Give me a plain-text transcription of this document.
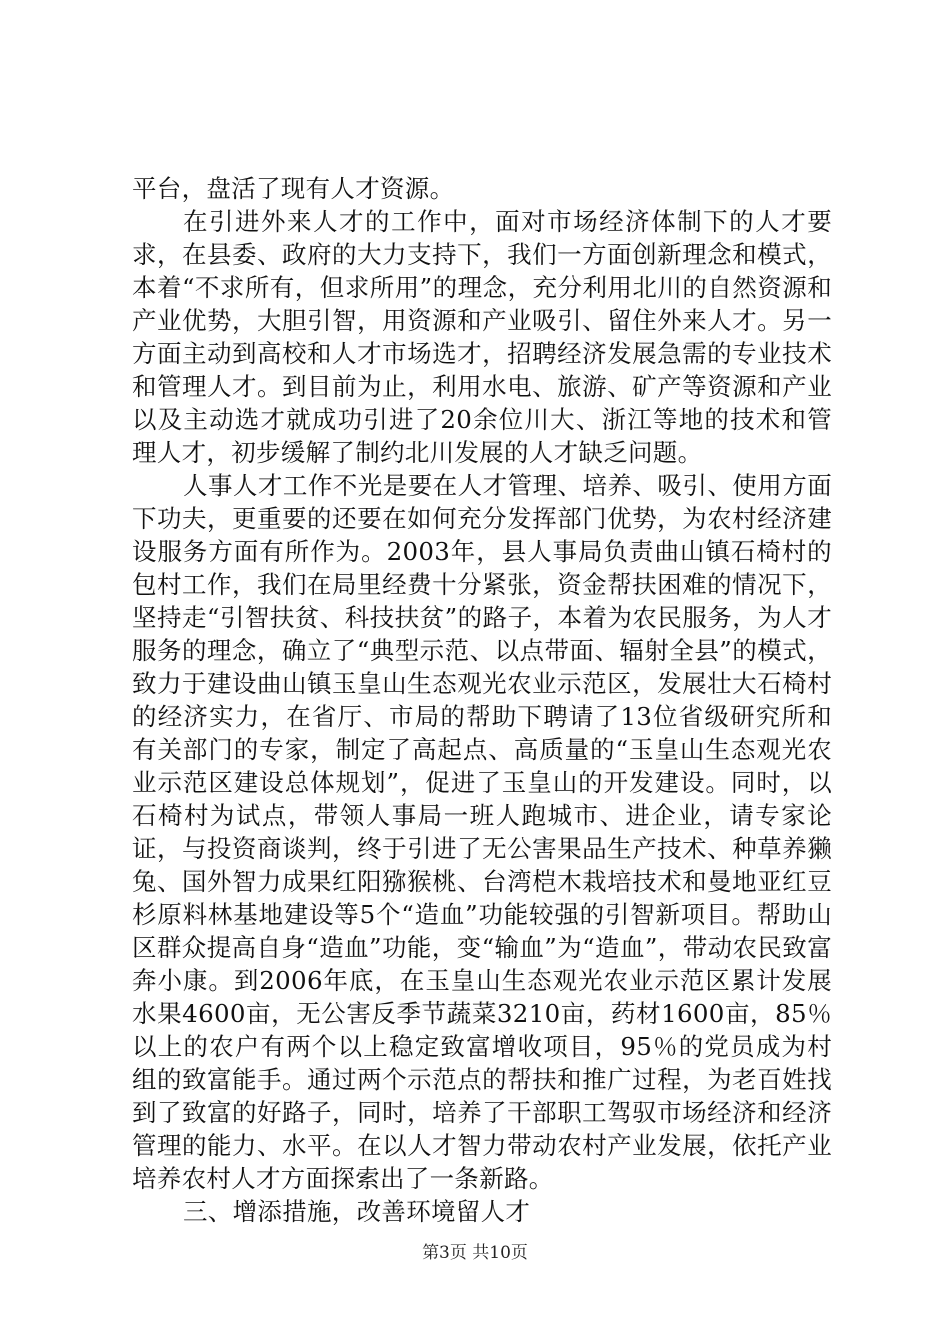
平台，盘活了现有人才资源。

在引进外来人才的工作中，面对市场经济体制下的人才要求，在县委、政府的大力支持下，我们一方面创新理念和模式，本着“不求所有，但求所用”的理念，充分利用北川的自然资源和产业优势，大胆引智，用资源和产业吸引、留住外来人才。另一方面主动到高校和人才市场选才，招聘经济发展急需的专业技术和管理人才。到目前为止，利用水电、旅游、矿产等资源和产业以及主动选才就成功引进了20余位川大、浙江等地的技术和管理人才，初步缓解了制约北川发展的人才缺乏问题。

人事人才工作不光是要在人才管理、培养、吸引、使用方面下功夫，更重要的还要在如何充分发挥部门优势，为农村经济建设服务方面有所作为。2003年，县人事局负责曲山镇石椅村的包村工作，我们在局里经费十分紧张，资金帮扶困难的情况下，坚持走“引智扶贫、科技扶贫”的路子，本着为农民服务，为人才服务的理念，确立了“典型示范、以点带面、辐射全县”的模式，致力于建设曲山镇玉皇山生态观光农业示范区，发展壮大石椅村的经济实力，在省厅、市局的帮助下聘请了13位省级研究所和有关部门的专家，制定了高起点、高质量的“玉皇山生态观光农业示范区建设总体规划”，促进了玉皇山的开发建设。同时，以石椅村为试点，带领人事局一班人跑城市、进企业，请专家论证，与投资商谈判，终于引进了无公害果品生产技术、种草养獭兔、国外智力成果红阳猕猴桃、台湾桤木栽培技术和曼地亚红豆杉原料林基地建设等5个“造血”功能较强的引智新项目。帮助山区群众提高自身“造血”功能，变“输血”为“造血”，带动农民致富奔小康。到2006年底，在玉皇山生态观光农业示范区累计发展水果4600亩，无公害反季节蔬菜3210亩，药材1600亩，85％以上的农户有两个以上稳定致富增收项目，95％的党员成为村组的致富能手。通过两个示范点的帮扶和推广过程，为老百姓找到了致富的好路子，同时，培养了干部职工驾驭市场经济和经济管理的能力、水平。在以人才智力带动农村产业发展，依托产业培养农村人才方面探索出了一条新路。

三、增添措施，改善环境留人才

第3页 共10页
